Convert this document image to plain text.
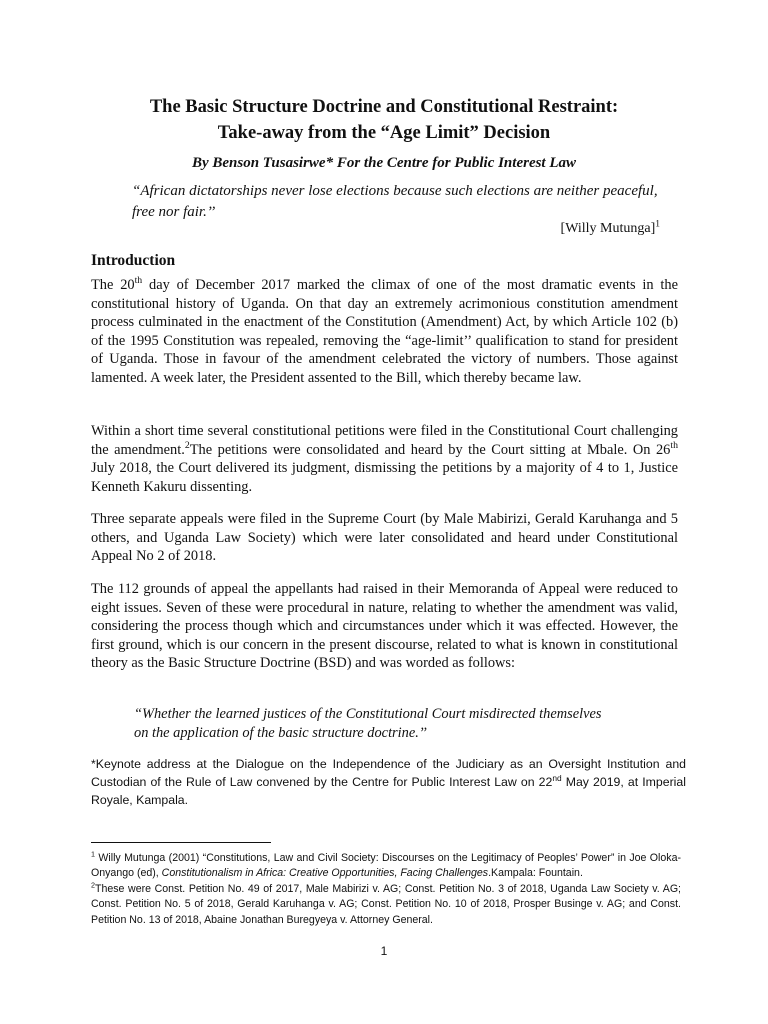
The Basic Structure Doctrine and Constitutional Restraint:
Take-away from the “Age Limit” Decision
By Benson Tusasirwe* For the Centre for Public Interest Law
“African dictatorships never lose elections because such elections are neither peaceful, free nor fair.’’
[Willy Mutunga]$^1$
Introduction

The 20th day of December 2017 marked the climax of one of the most dramatic events in the constitutional history of Uganda. On that day an extremely acrimonious constitution amendment process culminated in the enactment of the Constitution (Amendment) Act, by which Article 102 (b) of the 1995 Constitution was repealed, removing the “age-limit’’ qualification to stand for president of Uganda. Those in favour of the amendment celebrated the victory of numbers. Those against lamented. A week later, the President assented to the Bill, which thereby became law.

Within a short time several constitutional petitions were filed in the Constitutional Court challenging the amendment.$^2$The petitions were consolidated and heard by the Court sitting at Mbale. On 26th July 2018, the Court delivered its judgment, dismissing the petitions by a majority of 4 to 1, Justice Kenneth Kakuru dissenting.

Three separate appeals were filed in the Supreme Court (by Male Mabirizi, Gerald Karuhanga and 5 others, and Uganda Law Society) which were later consolidated and heard under Constitutional Appeal No 2 of 2018.

The 112 grounds of appeal the appellants had raised in their Memoranda of Appeal were reduced to eight issues. Seven of these were procedural in nature, relating to whether the amendment was valid, considering the process though which and circumstances under which it was effected. However, the first ground, which is our concern in the present discourse, related to what is known in constitutional theory as the Basic Structure Doctrine (BSD) and was worded as follows:

“Whether the learned justices of the Constitutional Court misdirected themselves
on the application of the basic structure doctrine.’’
*Keynote address at the Dialogue on the Independence of the Judiciary as an Oversight Institution and Custodian of the Rule of Law convened by the Centre for Public Interest Law on 22nd May 2019, at Imperial Royale, Kampala.
$^1$ Willy Mutunga (2001) “Constitutions, Law and Civil Society: Discourses on the Legitimacy of Peoples’ Power” in Joe Oloka-Onyango (ed), Constitutionalism in Africa: Creative Opportunities, Facing Challenges.Kampala: Fountain.
$^2$These were Const. Petition No. 49 of 2017, Male Mabirizi v. AG; Const. Petition No. 3 of 2018, Uganda Law Society v. AG; Const. Petition No. 5 of 2018, Gerald Karuhanga v. AG; Const. Petition No. 10 of 2018, Prosper Businge v. AG; and Const. Petition No. 13 of 2018, Abaine Jonathan Buregyeya v. Attorney General.
1
